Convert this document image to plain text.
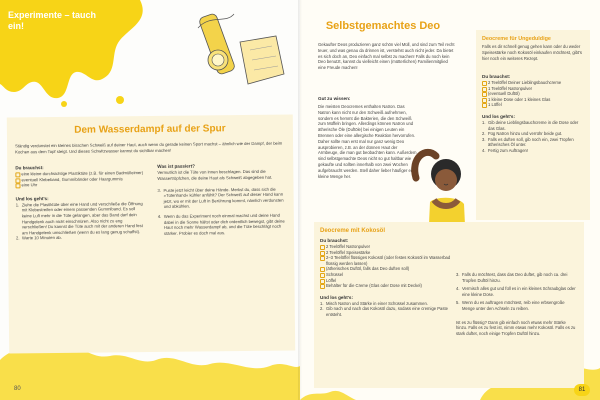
Experimente – tauch ein!
Dem Wasserdampf auf der Spur
Ständig verdunstet ein kleines bisschen Schweiß auf deiner Haut, auch wenn du gerade keinen Sport machst – ähnlich wie der Dampf, der beim Kochen aus dem Topf steigt. Und dieses Schwitzwasser kannst du sichtbar machen!
Du brauchst:
eine kleine durchsichtige Plastiktüte (z.B. für einen Badmülleimer)
eventuell Klebeband, Gummibänder oder Haargummis
eine Uhr
Und los geht's:
1. Ziehe die Plastiktüte über eine Hand und verschließe die Öffnung mit Klebestreifen oder einem passenden Gummiband. Es soll keine Luft mehr in die Tüte gelangen, aber das Band darf dein Handgelenk auch nicht einschnüren. Also nicht zu eng verschließen! Du kannst die Tüte auch mit der anderen Hand fest am Handgelenk umschließen (wenn du es lang genug schaffst).
2. Warte 10 Minuten ab.
Was ist passiert?
Vermutlich ist die Tüte von innen beschlagen. Das sind die Wassertröpfchen, die deine Haut als Schweiß abgegeben hat.
3. Puste jetzt leicht über deine Hände. Merkst du, dass sich die »Tütenhand« kühler anfühlt? Der Schweiß auf dieser Hand kann jetzt, wo er mit der Luft in Berührung kommt, nämlich verdunsten und abkühlen.
4. Wenn du das Experiment noch einmal machst und deine Hand dabei in die Sonne hältst oder dich ordentlich bewegst, gibt deine Haut noch mehr Wasserdampf ab, und die Tüte beschlägt noch stärker. Probier es doch mal aus.
80
Selbstgemachtes Deo
Gekaufter Deos produzieren ganz schön viel Müll, und sind zum Teil recht teuer, und was genau da drinnen ist, verstehst auch nicht jeder. Da bietet es sich doch an, Deo einfach mal selbst zu machen! Falls du noch kein Deo benutzt, kannst du vielleicht einen (mütterlichen) Familienmitglied eine Freude machen!
Gut zu wissen:
Die meisten Deocremes enthalten Natron. Das Natron kann nicht nur den Schweiß aufnehmen, sondern es hemmt die Bakterien, die den Schweiß zum Müffeln bringen. Allerdings können Natron und ätherische Öle (Duftöle) bei einigen Leuten ein Brennen oder eine allergische Reaktion hervorrufen. Daher sollte man erst mal nur ganz wenig Deo ausprobieren, z.B. an der dünnen Haut der Armbeuge, die man gut beobachten kann. Außerdem sind selbstgemachte Deos nicht so gut haltbar wie gekaufte und sollten innerhalb von zwei Wochen aufgebraucht werden. Stell daher lieber häufiger eine kleine Menge her.
Deocreme mit Kokosöl
Du brauchst:
2 Teelöffel Natronpulver
2 Teelöffel Speisestärke
2–3 Teelöffel flüssiges Kokosöl (oder festes Kokosöl im Wasserbad flüssig werden lassen)
(ätherisches Duftöl, falls das Deo duften soll)
Schüssel
Löffel
Behälter für die Creme (Glas oder Dose mit Deckel)
Und los geht's:
1. Misch Natron und Stärke in einer Schüssel zusammen.
2. Gib nach und nach das Kokosöl dazu, sodass eine cremige Paste entsteht.
3. Falls du möchtest, dass das Deo duftet, gib noch ca. drei Tropfen Duftöl hinzu.
4. Vermisch alles gut und füll es in ein kleines Schraubglas oder eine kleine Dose.
5. Wenn du es auftragen möchtest, reib eine erbsengroße Menge unter den Achseln zu reiben.
Ist es zu flüssig? Dann gib einfach noch etwas mehr Stärke hinzu. Falls es zu fest ist, nimm etwas mehr Kokosöl. Falls es zu stark duftet, noch einige Tropfen Duftöl hinzu.
Deocreme für Ungeduldige
Falls es dir schnell genug gehen kann oder du weder Speisestärke noch Kokosöl einkaufen möchtest, gibt's hier noch ein weiteres Rezept.
Du brauchst:
2 Teelöffel Deiner Lieblingsbauchcreme
1 Teelöffel Natronpulver
(eventuell Duftöl)
1 kleine Dose oder 1 kleines Glas
1 Löffel
Und los geht's:
1. Gib deine Lieblingsbauchcreme in die Dose oder das Glas.
2. Füg Natron hinzu und verrühr beide gut.
3. Falls es duften soll, gib noch ein, zwei Tropfen ätherisches Öl unter.
4. Fertig zum Auftragen!
81
